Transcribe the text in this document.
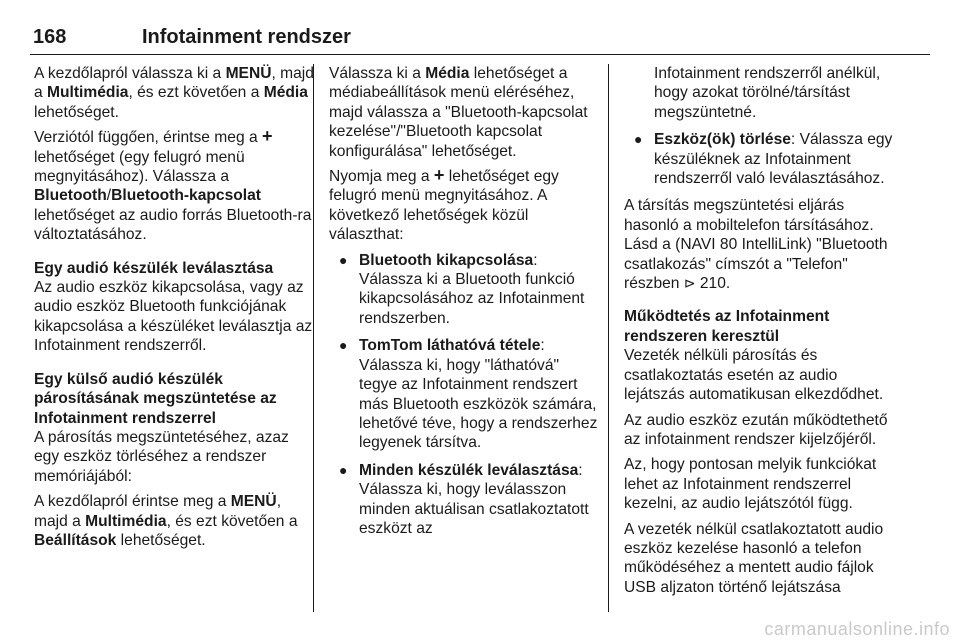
168	Infotainment rendszer

A kezdőlapról válassza ki a MENÜ, majd a Multimédia, és ezt követően a Média lehetőséget.

Verziótól függően, érintse meg a + lehetőséget (egy felugró menü megnyitásához). Válassza a Bluetooth/Bluetooth-kapcsolat lehetőséget az audio forrás Bluetooth-ra változtatásához.

Egy audió készülék leválasztása

Az audio eszköz kikapcsolása, vagy az audio eszköz Bluetooth funkciójának kikapcsolása a készüléket leválasztja az Infotainment rendszerről.

Egy külső audió készülék párosításának megszüntetése az Infotainment rendszerrel

A párosítás megszüntetéséhez, azaz egy eszköz törléséhez a rendszer memóriájából:

A kezdőlapról érintse meg a MENÜ, majd a Multimédia, és ezt követően a Beállítások lehetőséget.

Válassza ki a Média lehetőséget a médiabeállítások menü eléréséhez, majd válassza a "Bluetooth-kapcsolat kezelése"/"Bluetooth kapcsolat konfigurálása" lehetőséget.

Nyomja meg a + lehetőséget egy felugró menü megnyitásához. A következő lehetőségek közül választhat:

● Bluetooth kikapcsolása: Válassza ki a Bluetooth funkció kikapcsolásához az Infotainment rendszerben.
● TomTom láthatóvá tétele: Válassza ki, hogy "láthatóvá" tegye az Infotainment rendszert más Bluetooth eszközök számára, lehetővé téve, hogy a rendszerhez legyenek társítva.
● Minden készülék leválasztása: Válassza ki, hogy leválasszon minden aktuálisan csatlakoztatott eszközt az
Infotainment rendszerről anélkül, hogy azokat törölné/társítást megszüntetné.
● Eszköz(ök) törlése: Válassza egy készüléknek az Infotainment rendszerről való leválasztásához.

A társítás megszüntetési eljárás hasonló a mobiltelefon társításához. Lásd a (NAVI 80 IntelliLink) "Bluetooth csatlakozás" címszót a "Telefon" részben ⊳ 210.

Működtetés az Infotainment rendszeren keresztül

Vezeték nélküli párosítás és csatlakoztatás esetén az audio lejátszás automatikusan elkezdődhet.

Az audio eszköz ezután működtethető az infotainment rendszer kijelzőjéről.

Az, hogy pontosan melyik funkciókat lehet az Infotainment rendszerrel kezelni, az audio lejátszótól függ.

A vezeték nélkül csatlakoztatott audio eszköz kezelése hasonló a telefon működéséhez a mentett audio fájlok USB aljzaton történő lejátszása

carmanualsonline.info
